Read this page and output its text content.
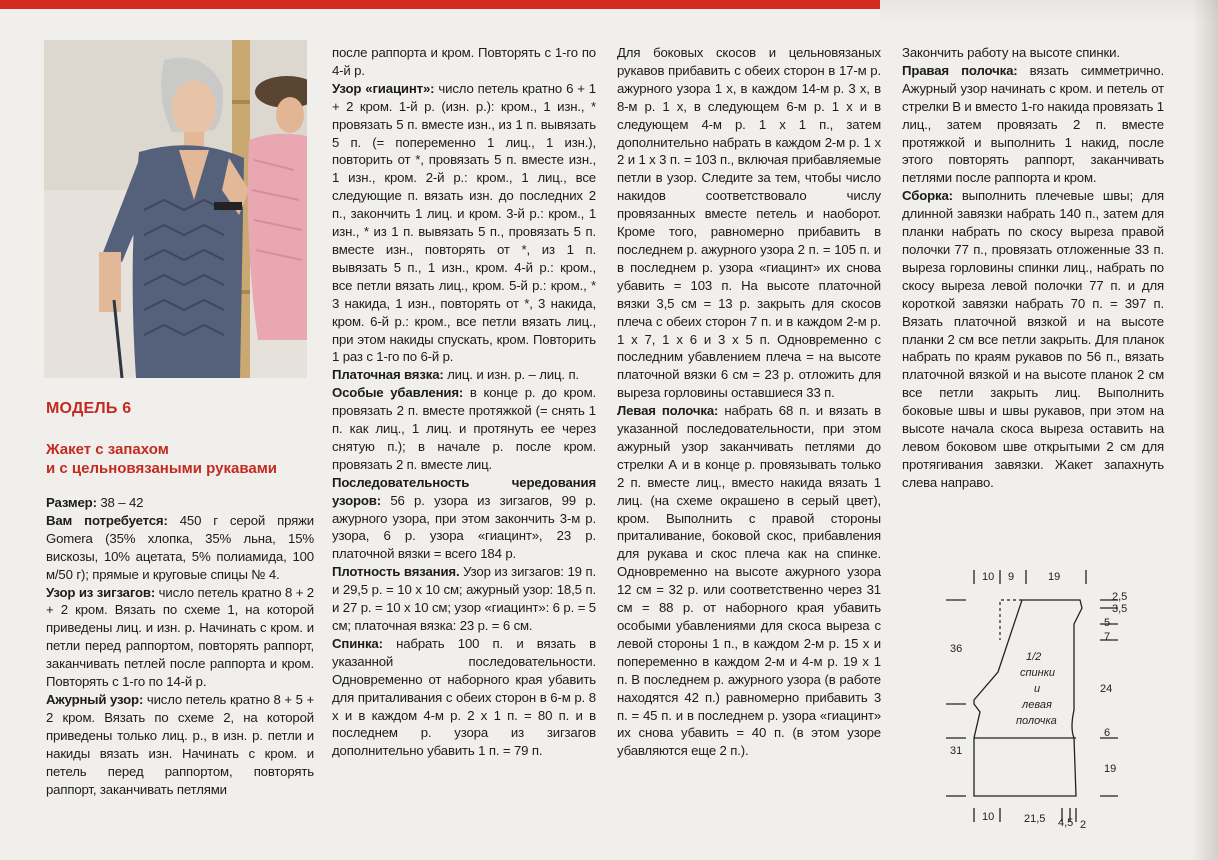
МОДЕЛЬ 6
Жакет с запахом
и с цельновязаными рукавами

Размер: 38 – 42

Вам потребуется: 450 г серой пряжи Gomera (35% хлопка, 35% льна, 15% вискозы, 10% ацетата, 5% полиамида, 100 м/50 г); прямые и круговые спицы № 4.

Узор из зигзагов: число петель кратно 8 + 2 + 2 кром. Вязать по схеме 1, на которой приведены лиц. и изн. р. Начинать с кром. и петли перед раппортом, повторять раппорт, заканчивать петлей после раппорта и кром. Повторять с 1-го по 14-й р.

Ажурный узор: число петель кратно 8 + 5 + 2 кром. Вязать по схеме 2, на которой приведены только лиц. р., в изн. р. петли и накиды вязать изн. Начинать с кром. и петель перед раппортом, повторять раппорт, заканчивать петлями

после раппорта и кром. Повторять с 1-го по 4-й р.

Узор «гиацинт»: число петель кратно 6 + 1 + 2 кром. 1-й р. (изн. р.): кром., 1 изн., * провязать 5 п. вместе изн., из 1 п. вывязать 5 п. (= попеременно 1 лиц., 1 изн.), повторить от *, провязать 5 п. вместе изн., 1 изн., кром. 2-й р.: кром., 1 лиц., все следующие п. вязать изн. до последних 2 п., закончить 1 лиц. и кром. 3-й р.: кром., 1 изн., * из 1 п. вывязать 5 п., провязать 5 п. вместе изн., повторять от *, из 1 п. вывязать 5 п., 1 изн., кром. 4-й р.: кром., все петли вязать лиц., кром. 5-й р.: кром., * 3 накида, 1 изн., повторять от *, 3 накида, кром. 6-й р.: кром., все петли вязать лиц., при этом накиды спускать, кром. Повторить 1 раз с 1-го по 6-й р.

Платочная вязка: лиц. и изн. р. – лиц. п.

Особые убавления: в конце р. до кром. провязать 2 п. вместе протяжкой (= снять 1 п. как лиц., 1 лиц. и протянуть ее через снятую п.); в начале р. после кром. провязать 2 п. вместе лиц.

Последовательность чередования узоров: 56 р. узора из зигзагов, 99 р. ажурного узора, при этом закончить 3-м р. узора, 6 р. узора «гиацинт», 23 р. платочной вязки = всего 184 р.

Плотность вязания. Узор из зигзагов: 19 п. и 29,5 р. = 10 х 10 см; ажурный узор: 18,5 п. и 27 р. = 10 х 10 см; узор «гиацинт»: 6 р. = 5 см; платочная вязка: 23 р. = 6 см.

Спинка: набрать 100 п. и вязать в указанной последовательности. Одновременно от наборного края убавить для приталивания с обеих сторон в 6-м р. 8 х и в каждом 4-м р. 2 х 1 п. = 80 п. и в последнем р. узора из зигзагов дополнительно убавить 1 п. = 79 п.

Для боковых скосов и цельновязаных рукавов прибавить с обеих сторон в 17-м р. ажурного узора 1 х, в каждом 14-м р. 3 х, в 8-м р. 1 х, в следующем 6-м р. 1 х и в следующем 4-м р. 1 х 1 п., затем дополнительно набрать в каждом 2-м р. 1 х 2 и 1 х 3 п. = 103 п., включая прибавляемые петли в узор. Следите за тем, чтобы число накидов соответствовало числу провязанных вместе петель и наоборот. Кроме того, равномерно прибавить в последнем р. ажурного узора 2 п. = 105 п. и в последнем р. узора «гиацинт» их снова убавить = 103 п. На высоте платочной вязки 3,5 см = 13 р. закрыть для скосов плеча с обеих сторон 7 п. и в каждом 2-м р. 1 х 7, 1 х 6 и 3 х 5 п. Одновременно с последним убавлением плеча = на высоте платочной вязки 6 см = 23 р. отложить для выреза горловины оставшиеся 33 п.

Левая полочка: набрать 68 п. и вязать в указанной последовательности, при этом ажурный узор заканчивать петлями до стрелки А и в конце р. провязывать только 2 п. вместе лиц., вместо накида вязать 1 лиц. (на схеме окрашено в серый цвет), кром. Выполнить с правой стороны приталивание, боковой скос, прибавления для рукава и скос плеча как на спинке. Одновременно на высоте ажурного узора 12 см = 32 р. или соответственно через 31 см = 88 р. от наборного края убавить особыми убавлениями для скоса выреза с левой стороны 1 п., в каждом 2-м р. 15 х и попеременно в каждом 2-м и 4-м р. 19 х 1 п. В последнем р. ажурного узора (в работе находятся 42 п.) равномерно прибавить 3 п. = 45 п. и в последнем р. узора «гиацинт» их снова убавить = 40 п. (в этом узоре убавляются еще 2 п.).

Закончить работу на высоте спинки.

Правая полочка: вязать симметрично. Ажурный узор начинать с кром. и петель от стрелки В и вместо 1-го накида провязать 1 лиц., затем провязать 2 п. вместе протяжкой и выполнить 1 накид, после этого повторять раппорт, заканчивать петлями после раппорта и кром.

Сборка: выполнить плечевые швы; для длинной завязки набрать 140 п., затем для планки набрать по скосу выреза правой полочки 77 п., провязать отложенные 33 п. выреза горловины спинки лиц., набрать по скосу выреза левой полочки 77 п. и для короткой завязки набрать 70 п. = 397 п. Вязать платочной вязкой и на высоте планки 2 см все петли закрыть. Для планок набрать по краям рукавов по 56 п., вязать платочной вязкой и на высоте планок 2 см все петли закрыть лиц. Выполнить боковые швы и швы рукавов, при этом на высоте начала скоса выреза оставить на левом боковом шве открытыми 2 см для протягивания завязки. Жакет запахнуть слева направо.

10 9	19
2,5
3,5
5
7
24
6
19
36
31
10	21,5 4,5 2
1/2
спинки
и
левая
полочка
